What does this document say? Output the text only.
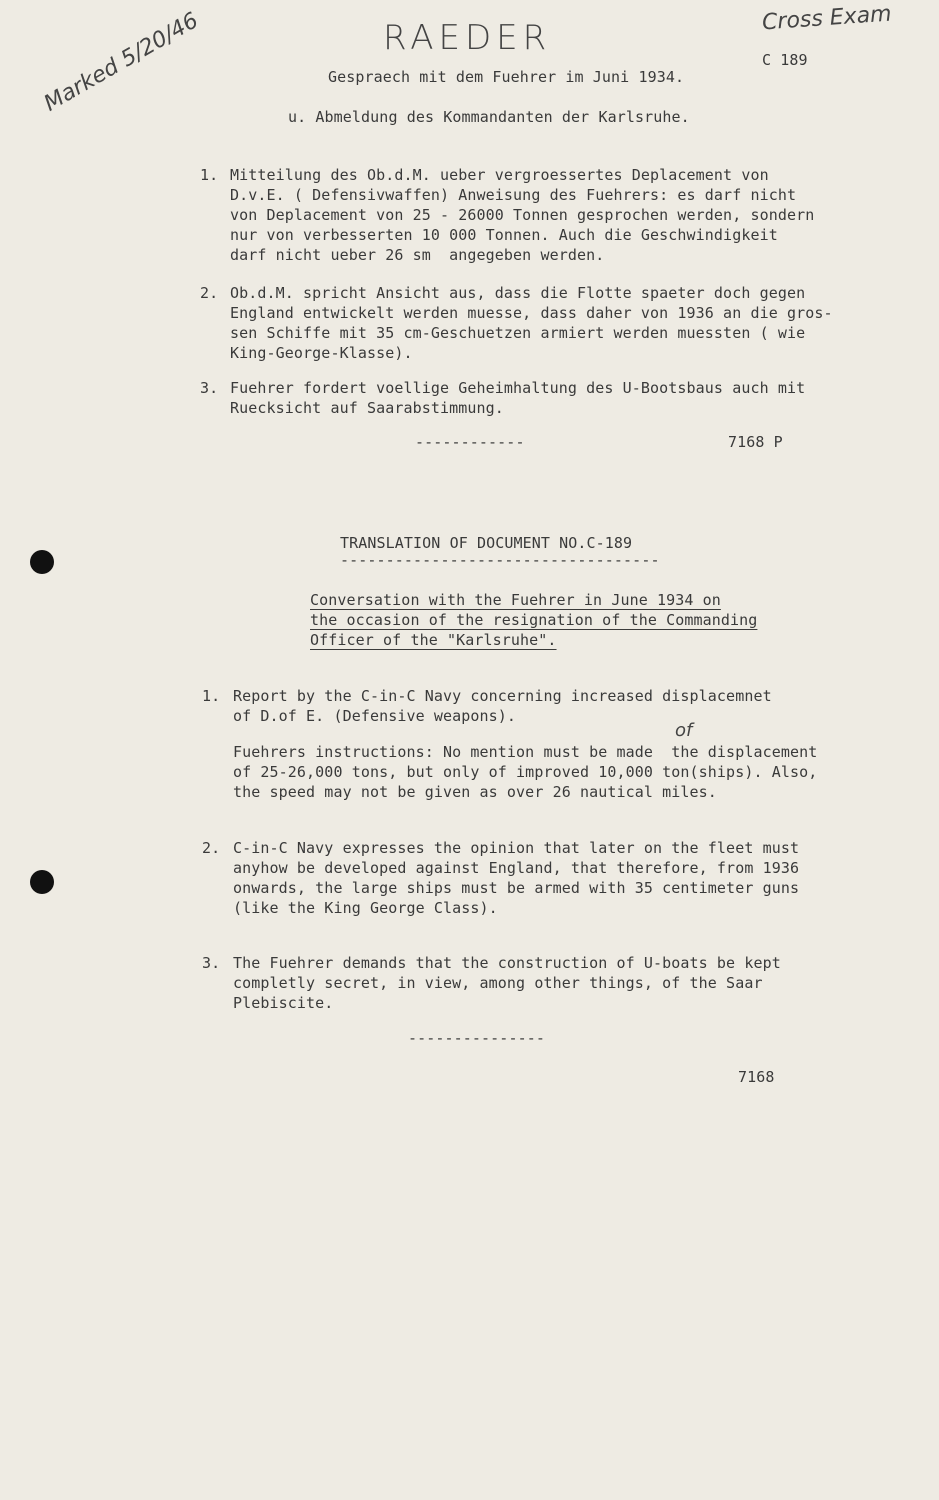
RAEDER	Cross Exam
Marked 5/20/46
of
C 189
Gespraech mit dem Fuehrer im Juni 1934.
u. Abmeldung des Kommandanten der Karlsruhe.
1. Mitteilung des Ob.d.M. ueber vergroessertes Deplacement von
D.v.E. ( Defensivwaffen) Anweisung des Fuehrers: es darf nicht
von Deplacement von 25 - 26000 Tonnen gesprochen werden, sondern
nur von verbesserten 10 000 Tonnen. Auch die Geschwindigkeit
darf nicht ueber 26 sm  angegeben werden.
2. Ob.d.M. spricht Ansicht aus, dass die Flotte spaeter doch gegen
England entwickelt werden muesse, dass daher von 1936 an die gros-
sen Schiffe mit 35 cm-Geschuetzen armiert werden muessten ( wie
King-George-Klasse).
3. Fuehrer fordert voellige Geheimhaltung des U-Bootsbaus auch mit
Ruecksicht auf Saarabstimmung.
------------	7168 P
TRANSLATION OF DOCUMENT NO.C-189
-----------------------------------
Conversation with the Fuehrer in June 1934 on
the occasion of the resignation of the Commanding
Officer of the "Karlsruhe".
1. Report by the C-in-C Navy concerning increased displacemnet
of D.of E. (Defensive weapons).
Fuehrers instructions: No mention must be made  the displacement
of 25-26,000 tons, but only of improved 10,000 ton(ships). Also,
the speed may not be given as over 26 nautical miles.
2. C-in-C Navy expresses the opinion that later on the fleet must
anyhow be developed against England, that therefore, from 1936
onwards, the large ships must be armed with 35 centimeter guns
(like the King George Class).
3. The Fuehrer demands that the construction of U-boats be kept
completly secret, in view, among other things, of the Saar
Plebiscite.
---------------
7168
